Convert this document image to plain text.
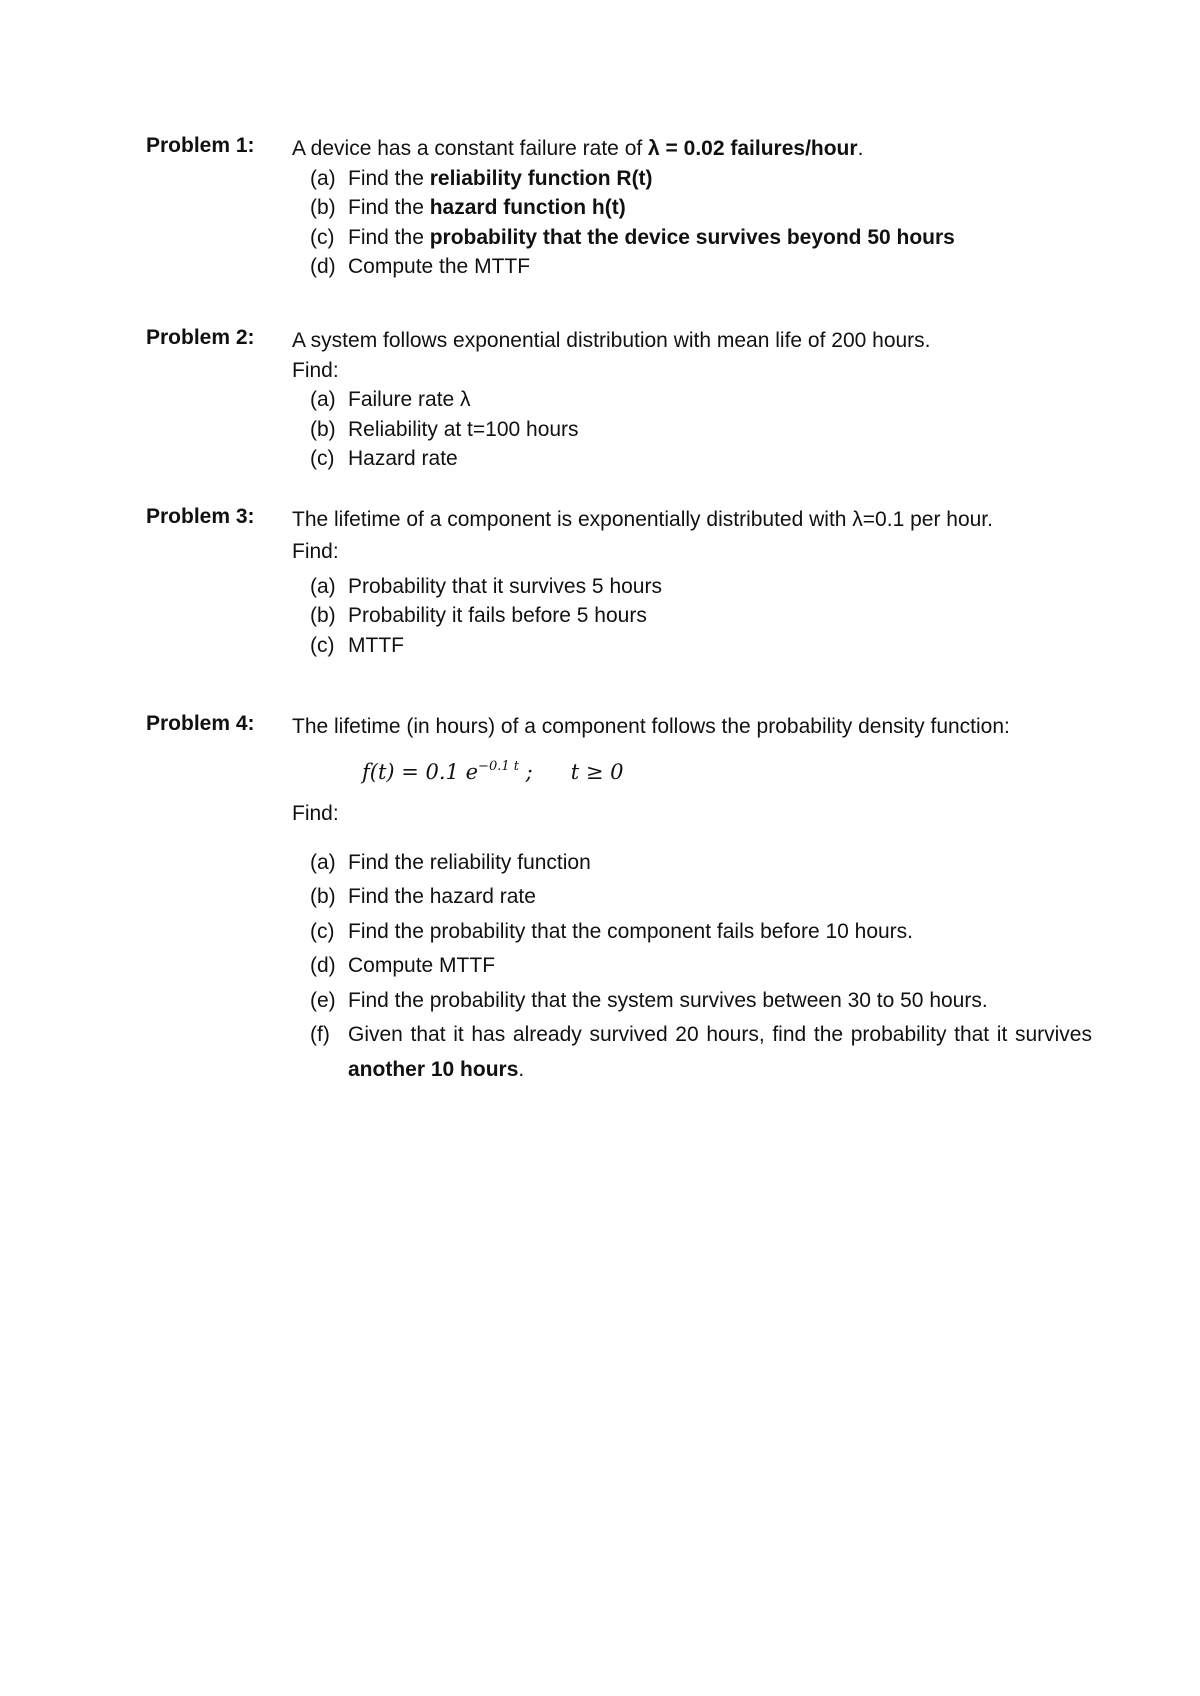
Problem 1: A device has a constant failure rate of λ = 0.02 failures/hour.
(a) Find the reliability function R(t)
(b) Find the hazard function h(t)
(c) Find the probability that the device survives beyond 50 hours
(d) Compute the MTTF
Problem 2: A system follows exponential distribution with mean life of 200 hours.
Find:
(a) Failure rate λ
(b) Reliability at t=100 hours
(c) Hazard rate
Problem 3: The lifetime of a component is exponentially distributed with λ=0.1 per hour.
Find:
(a) Probability that it survives 5 hours
(b) Probability it fails before 5 hours
(c) MTTF
Problem 4: The lifetime (in hours) of a component follows the probability density function:
f(t) = 0.1 $e^{-0.1 t}$ ; t ≥ 0
Find:
(a) Find the reliability function
(b) Find the hazard rate
(c) Find the probability that the component fails before 10 hours.
(d) Compute MTTF
(e) Find the probability that the system survives between 30 to 50 hours.
(f) Given that it has already survived 20 hours, find the probability that it survives another 10 hours.
